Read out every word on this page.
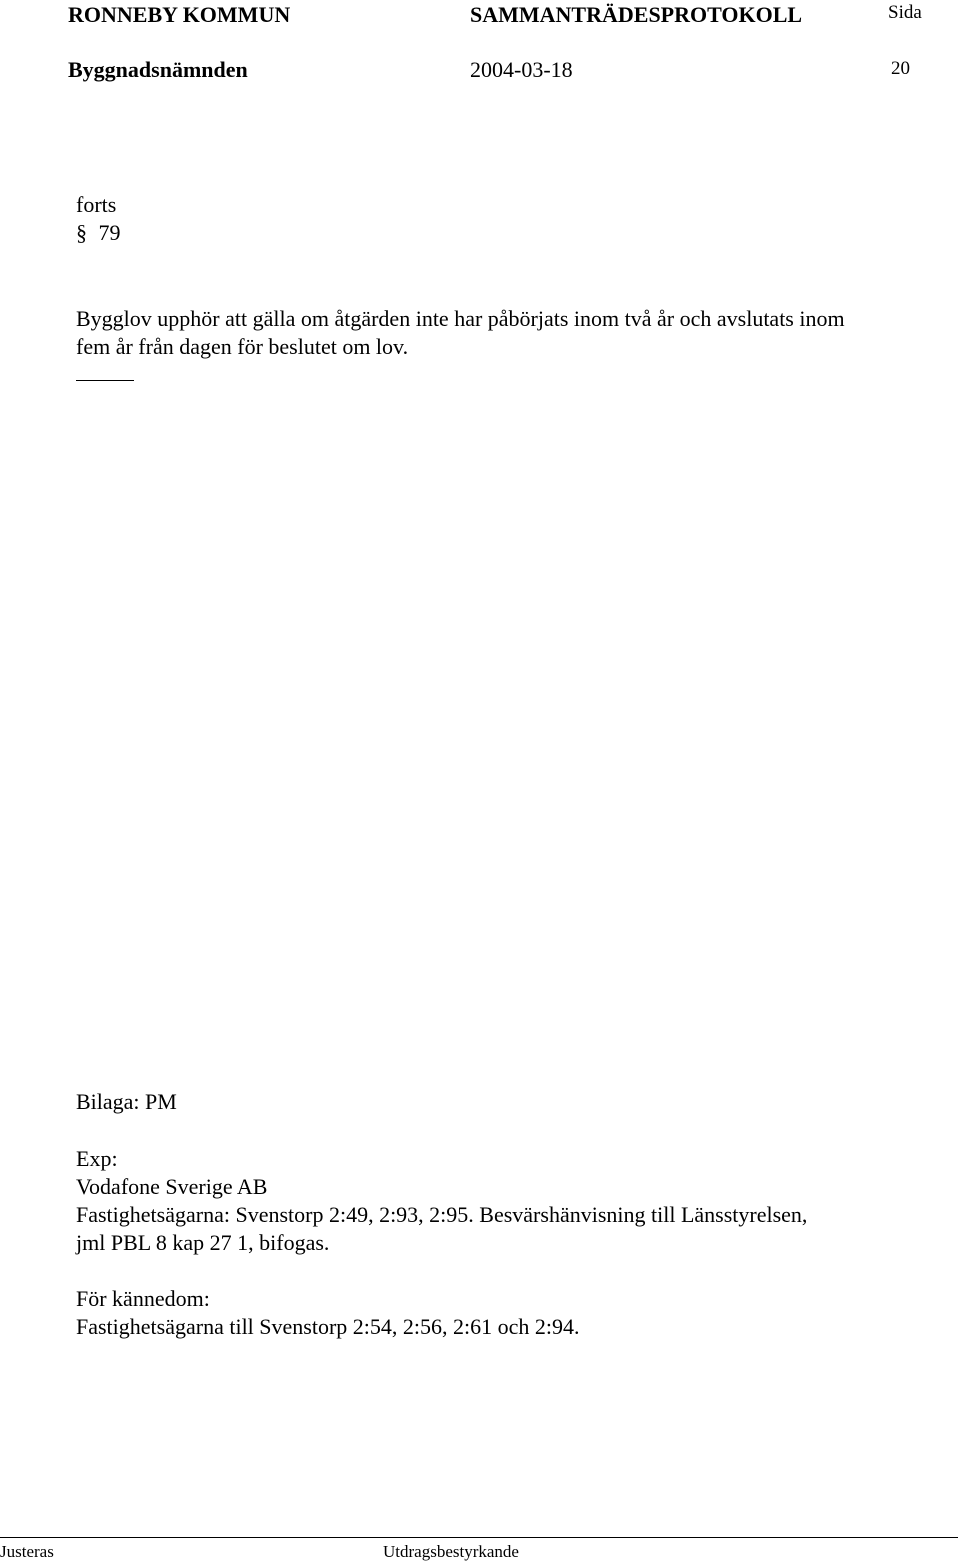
RONNEBY KOMMUN	SAMMANTRÄDESPROTOKOLL	Sida
Byggnadsnämnden	2004-03-18	20
forts
§ 79
Bygglov upphör att gälla om åtgärden inte har påbörjats inom två år och avslutats inom
fem år från dagen för beslutet om lov.
Bilaga: PM
Exp:
Vodafone Sverige AB
Fastighetsägarna: Svenstorp 2:49, 2:93, 2:95. Besvärshänvisning till Länsstyrelsen,
jml PBL 8 kap 27 1, bifogas.
För kännedom:
Fastighetsägarna till Svenstorp 2:54, 2:56, 2:61 och 2:94.
Justeras	Utdragsbestyrkande
